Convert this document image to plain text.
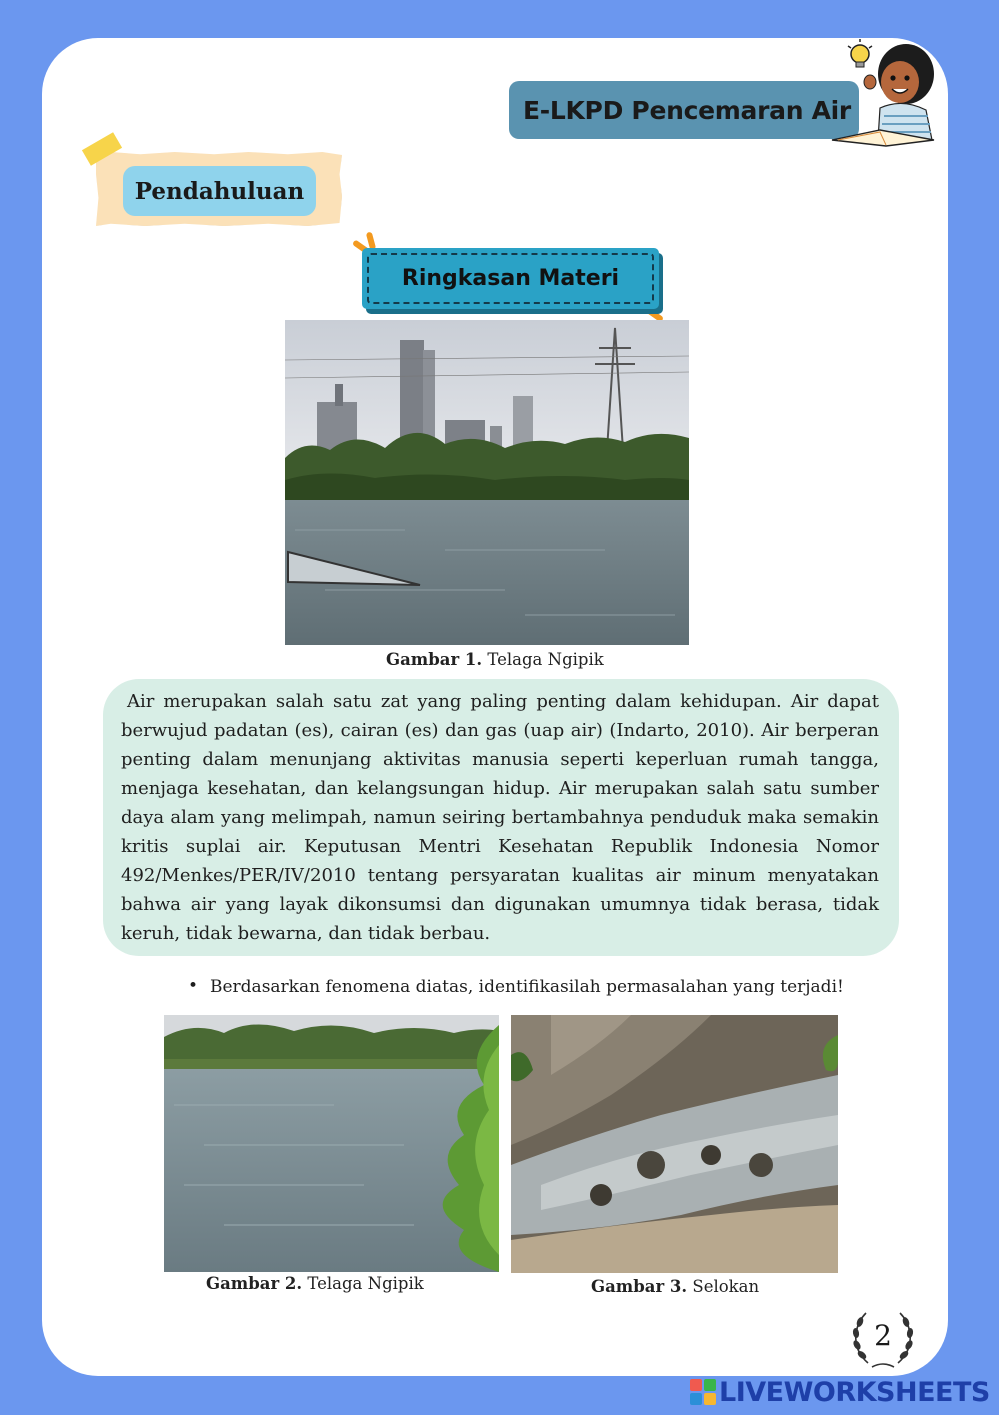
E-LKPD Pencemaran Air
Pendahuluan
Ringkasan Materi
Gambar 1. Telaga Ngipik

Air merupakan salah satu zat yang paling penting dalam kehidupan. Air dapat berwujud padatan (es), cairan (es) dan gas (uap air) (Indarto, 2010). Air berperan penting dalam menunjang aktivitas manusia seperti keperluan rumah tangga, menjaga kesehatan, dan kelangsungan hidup. Air merupakan salah satu sumber daya alam yang melimpah, namun seiring bertambahnya penduduk maka semakin kritis suplai air. Keputusan Mentri Kesehatan Republik Indonesia Nomor 492/Menkes/PER/IV/2010 tentang persyaratan kualitas air minum menyatakan bahwa air yang layak dikonsumsi dan digunakan umumnya tidak berasa, tidak keruh, tidak bewarna, dan tidak berbau.

• Berdasarkan fenomena diatas, identifikasilah permasalahan yang terjadi!
Gambar 2. Telaga Ngipik	Gambar 3. Selokan
2
LIVEWORKSHEETS
